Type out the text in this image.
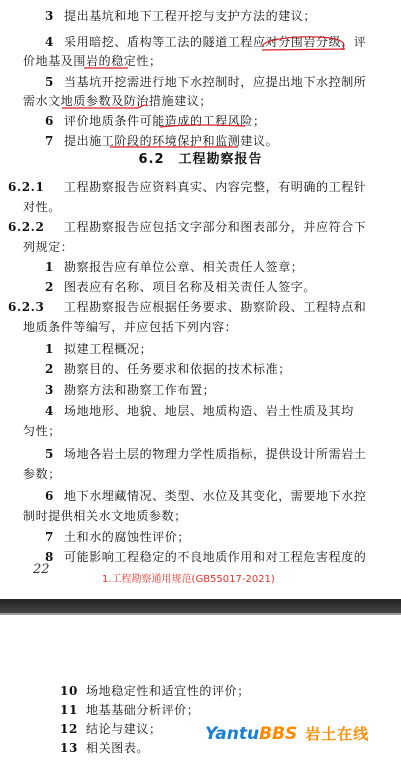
3 提出基坑和地下工程开挖与支护方法的建议；
4 采用暗挖、盾构等工法的隧道工程应对分围岩分级，评
价地基及围岩的稳定性；
5 当基坑开挖需进行地下水控制时，应提出地下水控制所
需水文地质参数及防治措施建议；
6 评价地质条件可能造成的工程风险；
7 提出施工阶段的环境保护和监测建议。
6.2　工程勘察报告
6.2.1 工程勘察报告应资料真实、内容完整，有明确的工程针
对性。
6.2.2 工程勘察报告应包括文字部分和图表部分，并应符合下
列规定：
1 勘察报告应有单位公章、相关责任人签章；
2 图表应有名称、项目名称及相关责任人签字。
6.2.3 工程勘察报告应根据任务要求、勘察阶段、工程特点和
地质条件等编写，并应包括下列内容：
1 拟建工程概况；
2 勘察目的、任务要求和依据的技术标准；
3 勘察方法和勘察工作布置；
4 场地地形、地貌、地层、地质构造、岩土性质及其均
匀性；
5 场地各岩土层的物理力学性质指标，提供设计所需岩土
参数；
6 地下水埋藏情况、类型、水位及其变化，需要地下水控
制时提供相关水文地质参数；
7 土和水的腐蚀性评价；
8 可能影响工程稳定的不良地质作用和对工程危害程度的
22
1.工程勘察通用规范(GB55017-2021)
10 场地稳定性和适宜性的评价；
11 地基基础分析评价；
12 结论与建议；
13 相关图表。
Yantu BBS 岩土在线
